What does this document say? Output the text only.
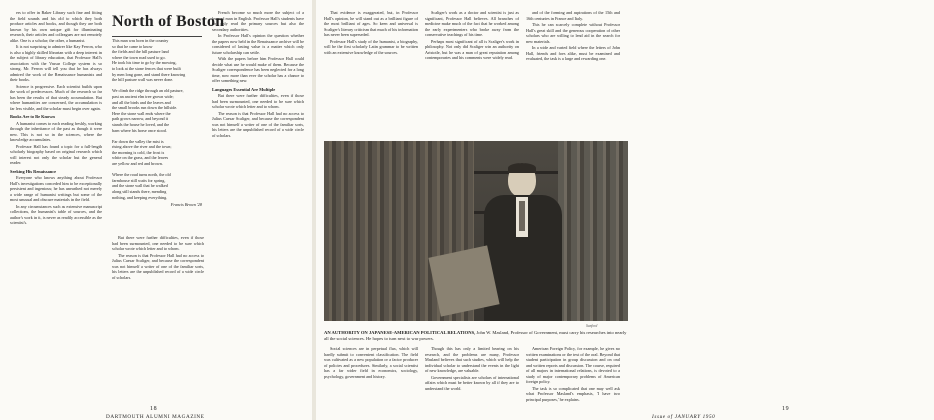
ers to offer in Baker Library such fine and fitting the field sounds and his old to which they both produce articles and books, and though they are both known by his own unique gift for illuminating research, their articles and colleagues are not remotely alike. One is a scholar; the other, a humanist.

It is not surprising to admirer like Kay Ferron, who is also a highly skilled librarian with a deep interest in the subject of library education, that Professor Hall's association with the Vassar College system is so strong. Mr. Ferron will tell you that he has always admired the work of the Renaissance humanists and their books.

Science is progressive. Each scientist builds upon the work of predecessors. Much of the research so far has been the results of that steady accumulation. But where humanities are concerned, the accumulation is far less visible, and the scholar must begin over again.

Books Are to Be Known

A humanist comes to each reading freshly, working through the inheritance of the past as though it were new. This is not so in the sciences, where the knowledge accumulates.

Professor Hall has found a topic for a full-length scholarly biography based on original research which will interest not only the scholar but the general reader.

Seeking His Renaissance

Everyone who knows anything about Professor Hall's investigations conceded him to be exceptionally persistent and ingenious; he has unearthed not merely a wide range of humanist writings but some of the most unusual and obscure materials in the field.

In any circumstances such as extensive manuscript collections, the humanist's table of sources, and the author's work in it, is never as readily accessible as the scientist's.

North of Boston
This man was born in the country
so that he came to know
the fields and the hill pasture land
where the town road used to go.
He took his time to go by the mowing,
to look at the stone fences that were built
by men long gone, and stand there knowing
the hill pasture wall was never done.

We climb the ridge through an old pasture,
past an ancient elm tree grown wide;
and all the birds and the leaves and
the small brooks run down the hillside.
Here the stone wall ends where the
path grows narrow, and beyond it
stands the house he loved, and the
barn where his horse once stood.

Far down the valley the mist is
rising above the river and the town;
the morning is cold, the frost is
white on the grass, and the leaves
are yellow and red and brown.

Where the road turns north, the old
farmhouse still waits for spring,
and the stone wall that he walked
along still stands there, mending
nothing, and keeping everything.
Francis Brown '28

But there were further difficulties, even if those had been surmounted, one needed to be sure which scholar wrote which letter and to whom.

The reason is that Professor Hall had no access to Julius Caesar Scaliger, and because the correspondent was not himself a writer of one of the familiar sorts, his letters are the unpublished record of a wide circle of scholars.

French become so much more the subject of a learned man in English. Professor Hall's students have not only read the primary sources but also the secondary authorities.

In Professor Hall's opinion the question whether the papers now held in the Renaissance archive will be considered of lasting value is a matter which only future scholarship can settle.

With the papers before him Professor Hall could decide what use he would make of them. Because the Scaliger correspondence has been neglected for a long time, now more than ever the scholar has a chance to offer something new.

Languages Essential Are Multiple

But there were further difficulties, even if those had been surmounted, one needed to be sure which scholar wrote which letter and to whom.

The reason is that Professor Hall had no access to Julius Caesar Scaliger, and because the correspondent was not himself a writer of one of the familiar sorts, his letters are the unpublished record of a wide circle of scholars.

18
DARTMOUTH ALUMNI MAGAZINE

That evidence is exaggerated, but, in Professor Hall's opinion, he will stand out as a brilliant figure of the most brilliant of ages. So keen and universal is Scaliger's literary criticism that much of his information has never been superseded.

Professor Hall's study of the humanist, a biography, will be the first scholarly Latin grammar to be written with an extensive knowledge of the sources.

Scaliger's work as a doctor and scientist is just as significant, Professor Hall believes. All branches of medicine make much of the fact that he worked among the early experimenters who broke away from the conservative teachings of his time.

Perhaps most significant of all is Scaliger's work in philosophy. Not only did Scaliger win an authority on Aristotle, but he was a man of great reputation among contemporaries and his comments were widely read.

and of the forming and aspirations of the 15th and 16th centuries in France and Italy.

This he can scarcely complete without Professor Hall's great skill and the generous cooperation of other scholars who are willing to lend aid in the search for new materials.

In a wide and varied field where the letters of John Hall, friends and foes alike, must be examined and evaluated, the task is a large and rewarding one.

Sanford
AN AUTHORITY ON JAPANESE-AMERICAN POLITICAL RELATIONS, John W. Masland, Professor of Government, must carry his researches into nearly all the social sciences. He hopes to turn next to war powers.

Social sciences are in perpetual flux, which will hardly submit to convenient classification. The field was cultivated as a new population or a factor producer of policies and procedures. Similarly, a social scientist has a far wider field in economics, sociology, psychology, government and history.

Though this has only a limited bearing on his research, and the problems are many, Professor Masland believes that such studies, which will help the individual scholar to understand the events in the light of new knowledge, are valuable.

Government specialists are scholars of international affairs which must be better known by all if they are to understand the world.

American Foreign Policy, for example, he gives no written examinations or the text of the oral. Beyond that student participation in group discussion and on oral and written reports and discussion. The course, required of all majors in international relations, is devoted to a study of major contemporary problems of American foreign policy.

The task is so complicated that one may well ask what Professor Masland's emphasis, 'I have two principal purposes,' he explains.

Issue of JANUARY 1950
19
